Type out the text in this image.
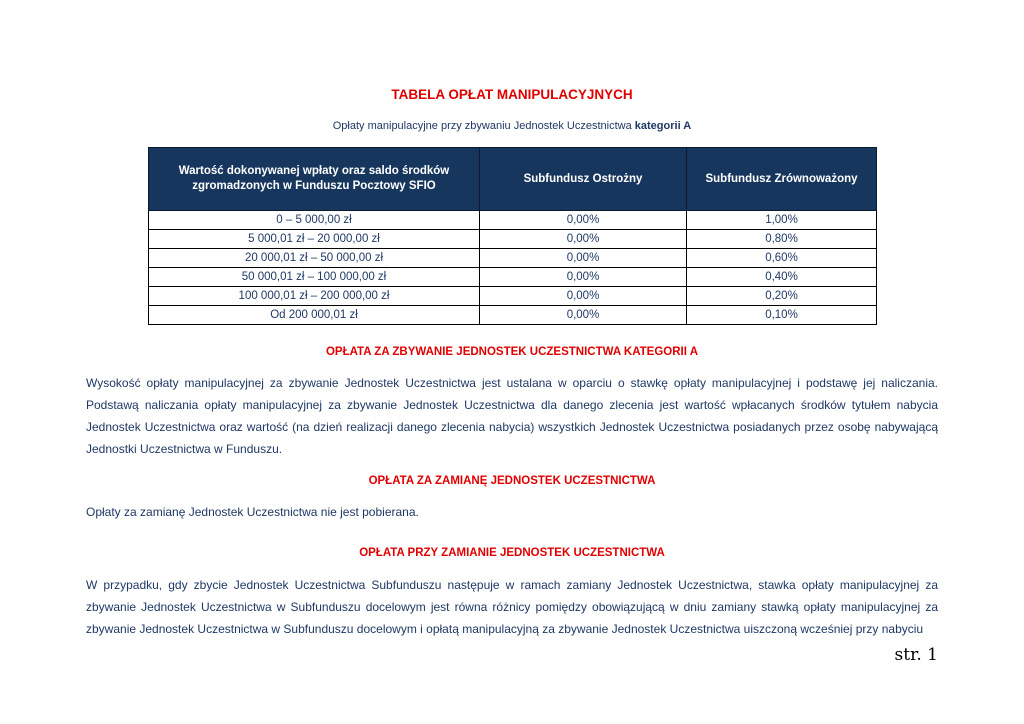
TABELA OPŁAT MANIPULACYJNYCH
Opłaty manipulacyjne przy zbywaniu Jednostek Uczestnictwa kategorii A
Wartość dokonywanej wpłaty oraz saldo środków zgromadzonych w Funduszu Pocztowy SFIO	Subfundusz Ostrożny	Subfundusz Zrównoważony
0 – 5 000,00 zł	0,00%	1,00%
5 000,01 zł – 20 000,00 zł	0,00%	0,80%
20 000,01 zł – 50 000,00 zł	0,00%	0,60%
50 000,01 zł – 100 000,00 zł	0,00%	0,40%
100 000,01 zł – 200 000,00 zł	0,00%	0,20%
Od 200 000,01 zł	0,00%	0,10%
OPŁATA ZA ZBYWANIE JEDNOSTEK UCZESTNICTWA KATEGORII A
Wysokość opłaty manipulacyjnej za zbywanie Jednostek Uczestnictwa jest ustalana w oparciu o stawkę opłaty manipulacyjnej i podstawę jej naliczania. Podstawą naliczania opłaty manipulacyjnej za zbywanie Jednostek Uczestnictwa dla danego zlecenia jest wartość wpłacanych środków tytułem nabycia Jednostek Uczestnictwa oraz wartość (na dzień realizacji danego zlecenia nabycia) wszystkich Jednostek Uczestnictwa posiadanych przez osobę nabywającą Jednostki Uczestnictwa w Funduszu.
OPŁATA ZA ZAMIANĘ JEDNOSTEK UCZESTNICTWA
Opłaty za zamianę Jednostek Uczestnictwa nie jest pobierana.
OPŁATA PRZY ZAMIANIE JEDNOSTEK UCZESTNICTWA
W przypadku, gdy zbycie Jednostek Uczestnictwa Subfunduszu następuje w ramach zamiany Jednostek Uczestnictwa, stawka opłaty manipulacyjnej za zbywanie Jednostek Uczestnictwa w Subfunduszu docelowym jest równa różnicy pomiędzy obowiązującą w dniu zamiany stawką opłaty manipulacyjnej za zbywanie Jednostek Uczestnictwa w Subfunduszu docelowym i opłatą manipulacyjną za zbywanie Jednostek Uczestnictwa uiszczoną wcześniej przy nabyciu
str. 1
